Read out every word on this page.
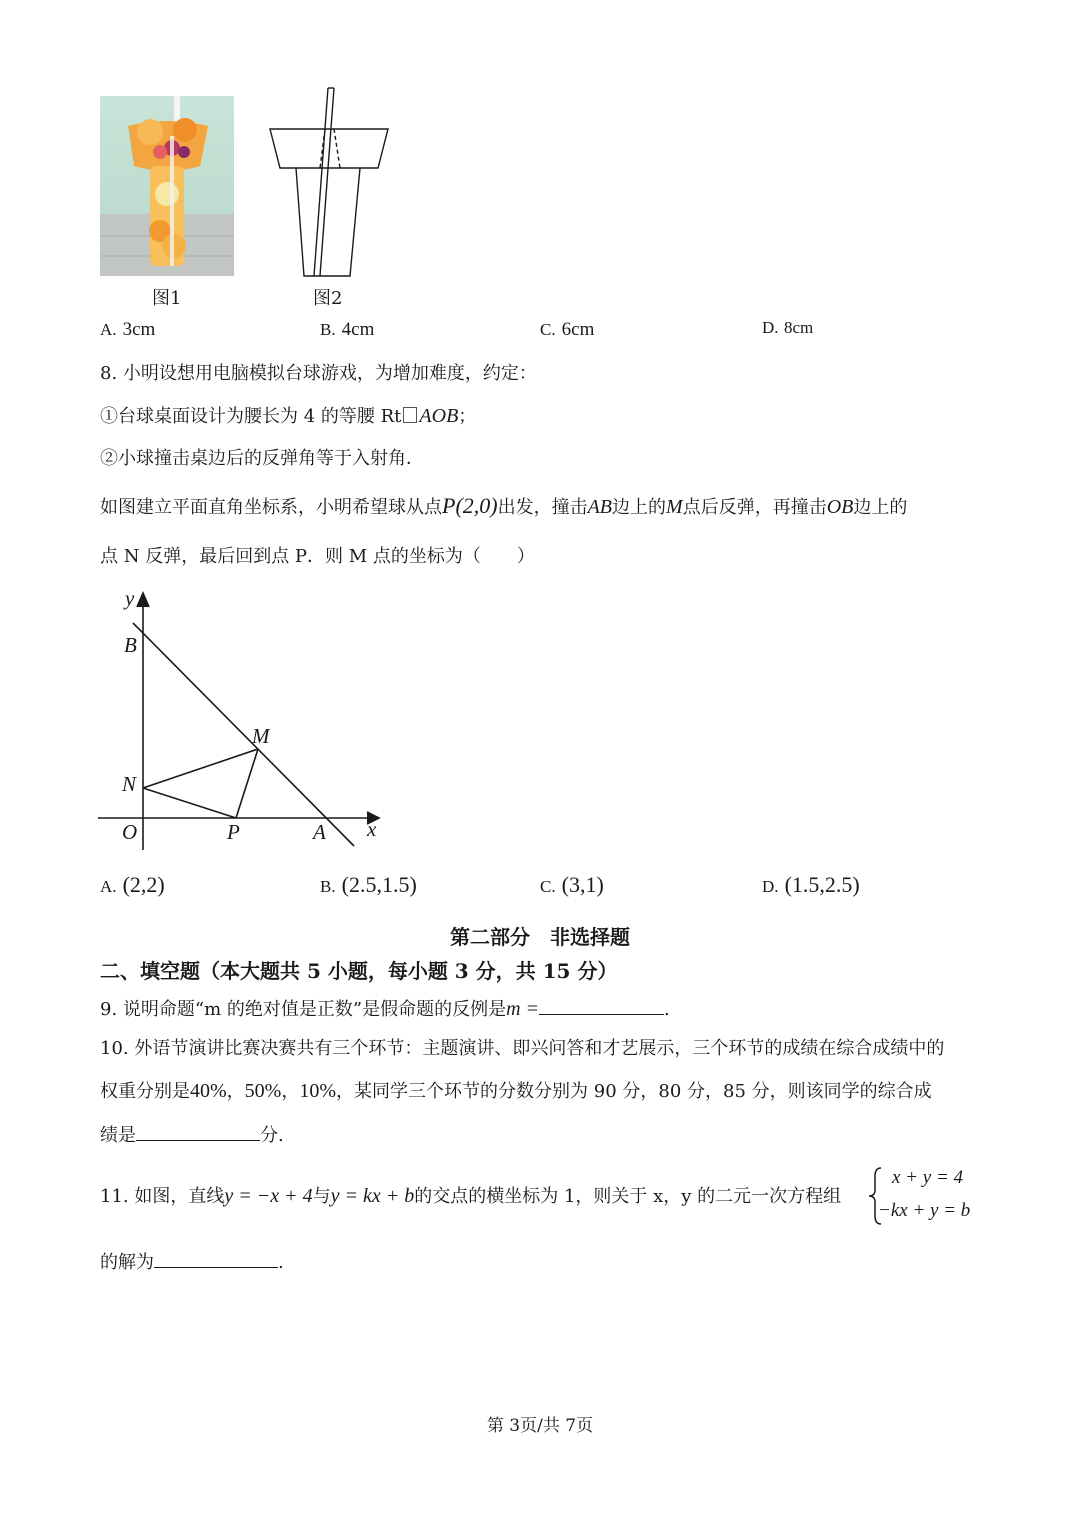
图1	图2
A. 3cm	B. 4cm	C. 6cm	D. 8cm
8. 小明设想用电脑模拟台球游戏，为增加难度，约定：
①台球桌面设计为腰长为 4 的等腰 Rt AOB；
②小球撞击桌边后的反弹角等于入射角．
如图建立平面直角坐标系，小明希望球从点P(2,0)出发，撞击AB边上的M点后反弹，再撞击OB边上的
点 N 反弹，最后回到点 P．则 M 点的坐标为（　　）
y
x
B
M
N
O	P	A
A. (2,2)	B. (2.5,1.5)	C. (3,1)	D. (1.5,2.5)
第二部分　非选择题
二、填空题（本大题共 5 小题，每小题 3 分，共 15 分）
9. 说明命题“m 的绝对值是正数”是假命题的反例是m =	.
10. 外语节演讲比赛决赛共有三个环节：主题演讲、即兴问答和才艺展示，三个环节的成绩在综合成绩中的
权重分别是40%，50%，10%，某同学三个环节的分数分别为 90 分，80 分，85 分，则该同学的综合成
绩是	分.
11. 如图，直线y = −x + 4与y = kx + b的交点的横坐标为 1，则关于 x，y 的二元一次方程组
x + y = 4
−kx + y = b
的解为	.
第 3页/共 7页
